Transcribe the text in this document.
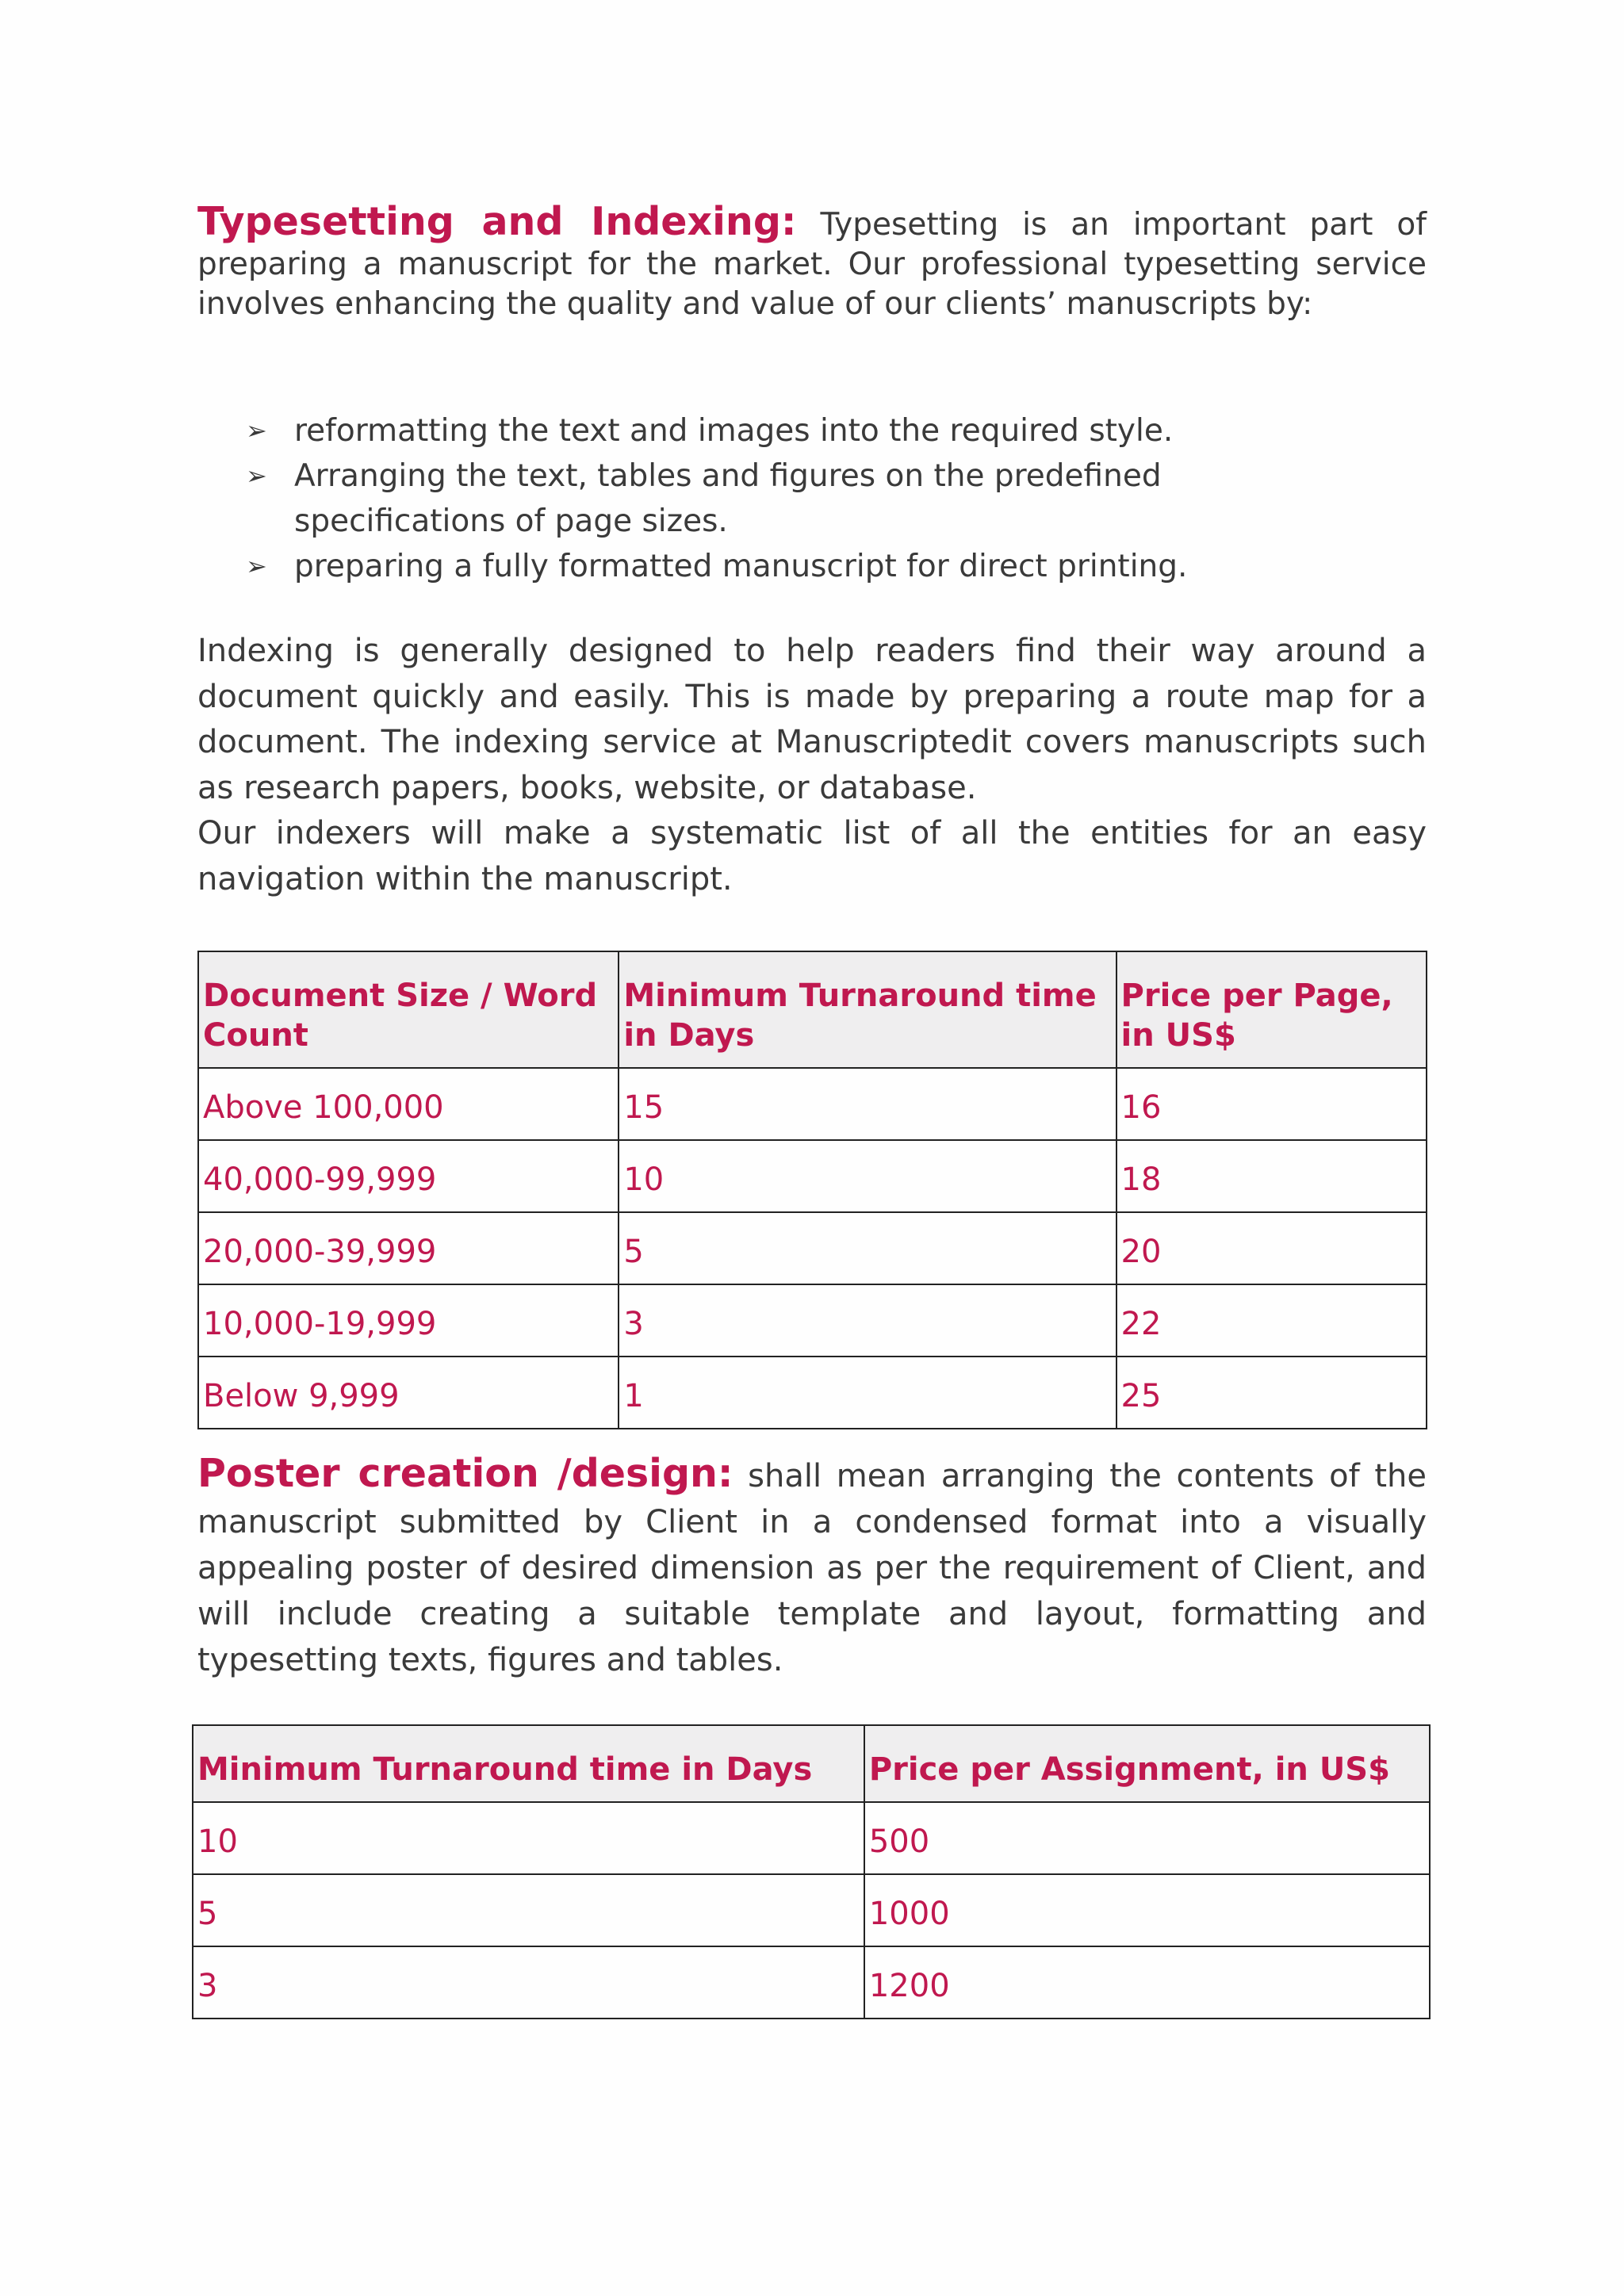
Typesetting and Indexing: Typesetting is an important part of preparing a manuscript for the market. Our professional typesetting service involves enhancing the quality and value of our clients’ manuscripts by:
➢ reformatting the text and images into the required style.
➢ Arranging the text, tables and figures on the predefined specifications of page sizes.
➢ preparing a fully formatted manuscript for direct printing.
Indexing is generally designed to help readers find their way around a document quickly and easily. This is made by preparing a route map for a document. The indexing service at Manuscriptedit covers manuscripts such as research papers, books, website, or database.
Our indexers will make a systematic list of all the entities for an easy navigation within the manuscript.
Document Size / Word Count	Minimum Turnaround time in Days	Price per Page, in US$
Above 100,000	15	16
40,000-99,999	10	18
20,000-39,999	5	20
10,000-19,999	3	22
Below 9,999	1	25
Poster creation /design: shall mean arranging the contents of the manuscript submitted by Client in a condensed format into a visually appealing poster of desired dimension as per the requirement of Client, and will include creating a suitable template and layout, formatting and typesetting texts, figures and tables.
Minimum Turnaround time in Days	Price per Assignment, in US$
10	500
5	1000
3	1200
